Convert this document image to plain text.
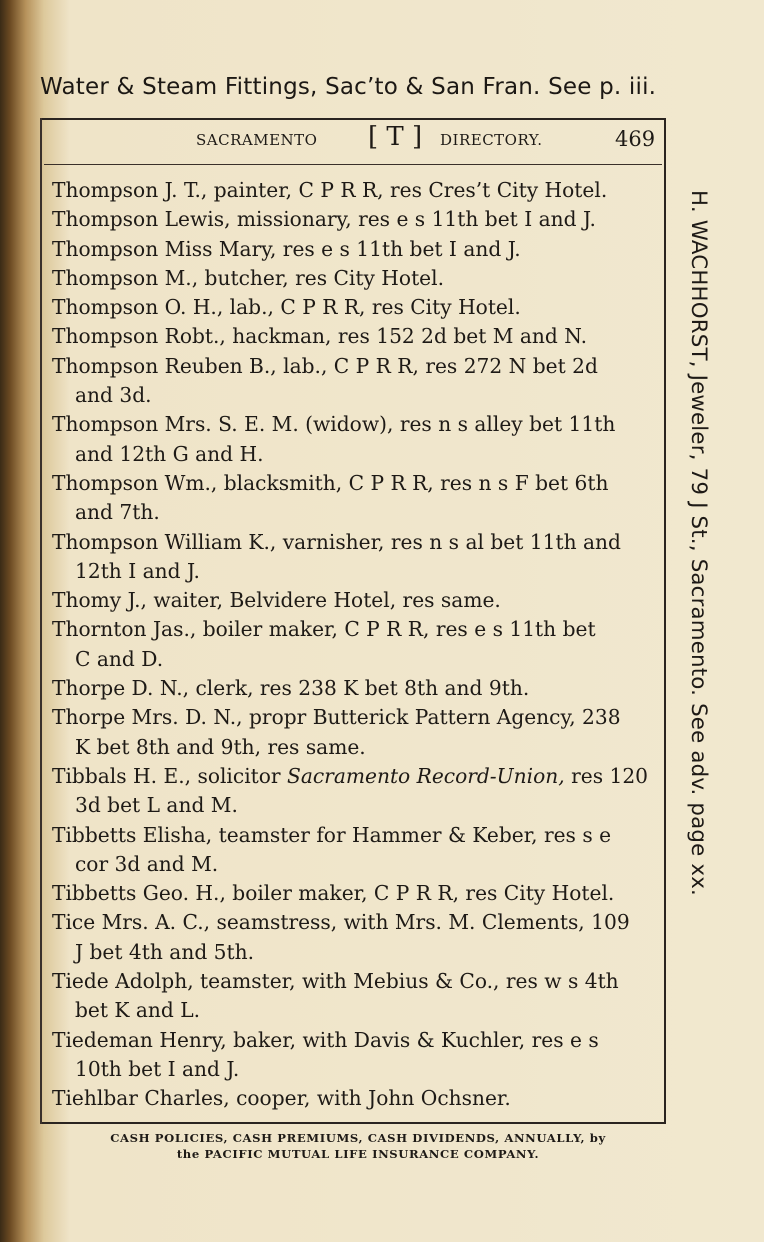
Water & Steam Fittings, Sac’to & San Fran. See p. iii.
SACRAMENTO [ T ] DIRECTORY.	469
Thompson J. T., painter, C P R R, res Cres’t City Hotel.
Thompson Lewis, missionary, res e s 11th bet I and J.
Thompson Miss Mary, res e s 11th bet I and J.
Thompson M., butcher, res City Hotel.
Thompson O. H., lab., C P R R, res City Hotel.
Thompson Robt., hackman, res 152 2d bet M and N.
Thompson Reuben B., lab., C P R R, res 272 N bet 2d
and 3d.
Thompson Mrs. S. E. M. (widow), res n s alley bet 11th
and 12th G and H.
Thompson Wm., blacksmith, C P R R, res n s F bet 6th
and 7th.
Thompson William K., varnisher, res n s al bet 11th and
12th I and J.
Thomy J., waiter, Belvidere Hotel, res same.
Thornton Jas., boiler maker, C P R R, res e s 11th bet
C and D.
Thorpe D. N., clerk, res 238 K bet 8th and 9th.
Thorpe Mrs. D. N., propr Butterick Pattern Agency, 238
K bet 8th and 9th, res same.
Tibbals H. E., solicitor Sacramento Record-Union, res 120
3d bet L and M.
Tibbetts Elisha, teamster for Hammer & Keber, res s e
cor 3d and M.
Tibbetts Geo. H., boiler maker, C P R R, res City Hotel.
Tice Mrs. A. C., seamstress, with Mrs. M. Clements, 109
J bet 4th and 5th.
Tiede Adolph, teamster, with Mebius & Co., res w s 4th
bet K and L.
Tiedeman Henry, baker, with Davis & Kuchler, res e s
10th bet I and J.
Tiehlbar Charles, cooper, with John Ochsner.
H. WACHHORST, Jeweler, 79 J St., Sacramento. See adv. page xx.
CASH POLICIES, CASH PREMIUMS, CASH DIVIDENDS, ANNUALLY, by
the PACIFIC MUTUAL LIFE INSURANCE COMPANY.
